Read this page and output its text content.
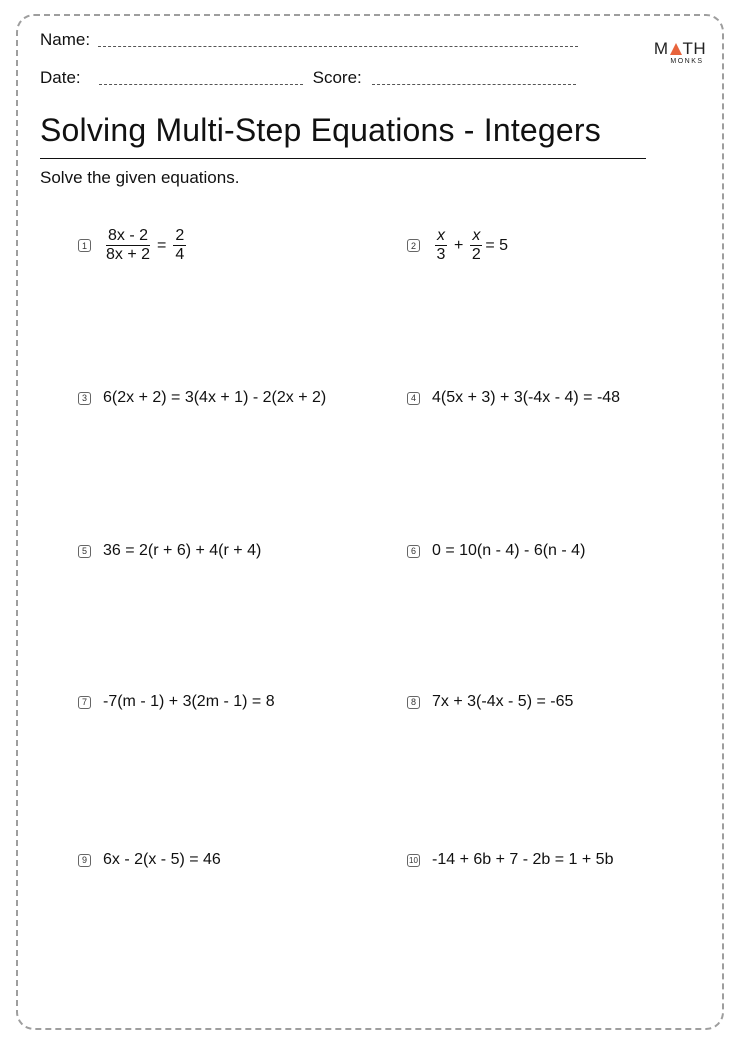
Name:
Date:	Score:
M TH
MONKS
Solving Multi-Step Equations - Integers
Solve the given equations.
$1 \frac{8x - 2}{8x + 2} = \frac{2}{4}$	$2 \frac{x}{3} + \frac{x}{2} = 5$
3 6(2x + 2) = 3(4x + 1) - 2(2x + 2)	4 4(5x + 3) + 3(-4x - 4) = -48
5 36 = 2(r + 6) + 4(r + 4)	6 0 = 10(n - 4) - 6(n - 4)
7 -7(m - 1) + 3(2m - 1) = 8	8 7x + 3(-4x - 5) = -65
9 6x - 2(x - 5) = 46	10 -14 + 6b + 7 - 2b = 1 + 5b
